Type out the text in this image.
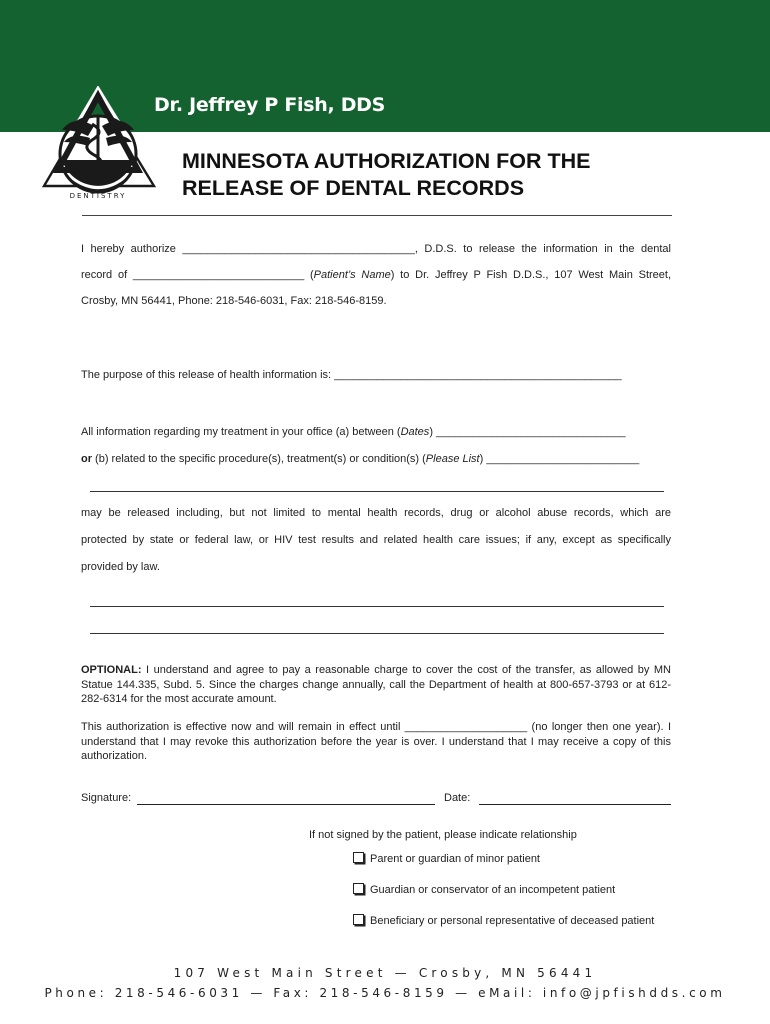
Dr. Jeffrey P Fish, DDS
DENTISTRY
MINNESOTA AUTHORIZATION FOR THE
RELEASE OF DENTAL RECORDS
I hereby authorize ______________________________________, D.D.S. to release the information in the dental
record of ____________________________ (Patient’s Name) to Dr. Jeffrey P Fish D.D.S., 107 West Main Street,
Crosby, MN 56441, Phone: 218-546-6031, Fax: 218-546-8159.
The purpose of this release of health information is: _______________________________________________
All information regarding my treatment in your office (a) between (Dates) _______________________________
or (b) related to the specific procedure(s), treatment(s) or condition(s) (Please List) _________________________
may be released including, but not limited to mental health records, drug or alcohol abuse records, which are
protected by state or federal law, or HIV test results and related health care issues; if any, except as specifically
provided by law.
OPTIONAL: I understand and agree to pay a reasonable charge to cover the cost of the transfer, as allowed by MN Statue 144.335, Subd. 5. Since the charges change annually, call the Department of health at 800-657-3793 or at 612-282-6314 for the most accurate amount.
This authorization is effective now and will remain in effect until ____________________ (no longer then one year). I understand that I may revoke this authorization before the year is over. I understand that I may receive a copy of this authorization.
Signature:	Date:
If not signed by the patient, please indicate relationship
Parent or guardian of minor patient
Guardian or conservator of an incompetent patient
Beneficiary or personal representative of deceased patient
107 West Main Street — Crosby, MN 56441
Phone: 218-546-6031 — Fax: 218-546-8159 — eMail: info@jpfishdds.com
